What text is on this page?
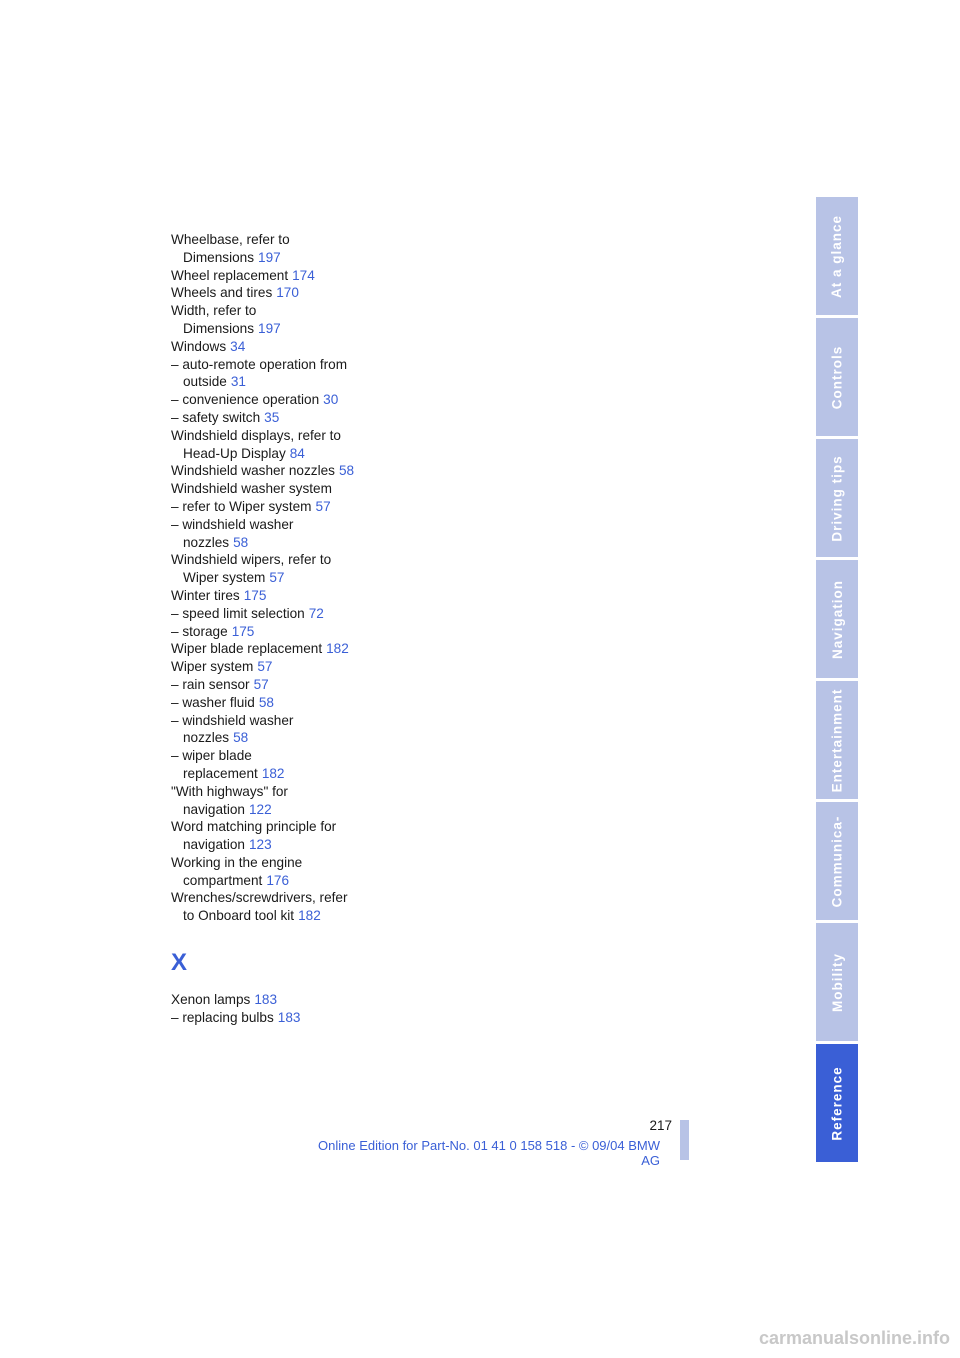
Wheelbase, refer to
Dimensions 197
Wheel replacement 174
Wheels and tires 170
Width, refer to
Dimensions 197
Windows 34
– auto-remote operation from
outside 31
– convenience operation 30
– safety switch 35
Windshield displays, refer to
Head-Up Display 84
Windshield washer nozzles 58
Windshield washer system
– refer to Wiper system 57
– windshield washer
nozzles 58
Windshield wipers, refer to
Wiper system 57
Winter tires 175
– speed limit selection 72
– storage 175
Wiper blade replacement 182
Wiper system 57
– rain sensor 57
– washer fluid 58
– windshield washer
nozzles 58
– wiper blade
replacement 182
"With highways" for
navigation 122
Word matching principle for
navigation 123
Working in the engine
compartment 176
Wrenches/screwdrivers, refer
to Onboard tool kit 182
X
Xenon lamps 183
– replacing bulbs 183
At a glance
Controls
Driving tips
Navigation
Entertainment
Communica-
Mobility
Reference
217
Online Edition for Part-No. 01 41 0 158 518 - © 09/04 BMW AG
carmanualsonline.info
